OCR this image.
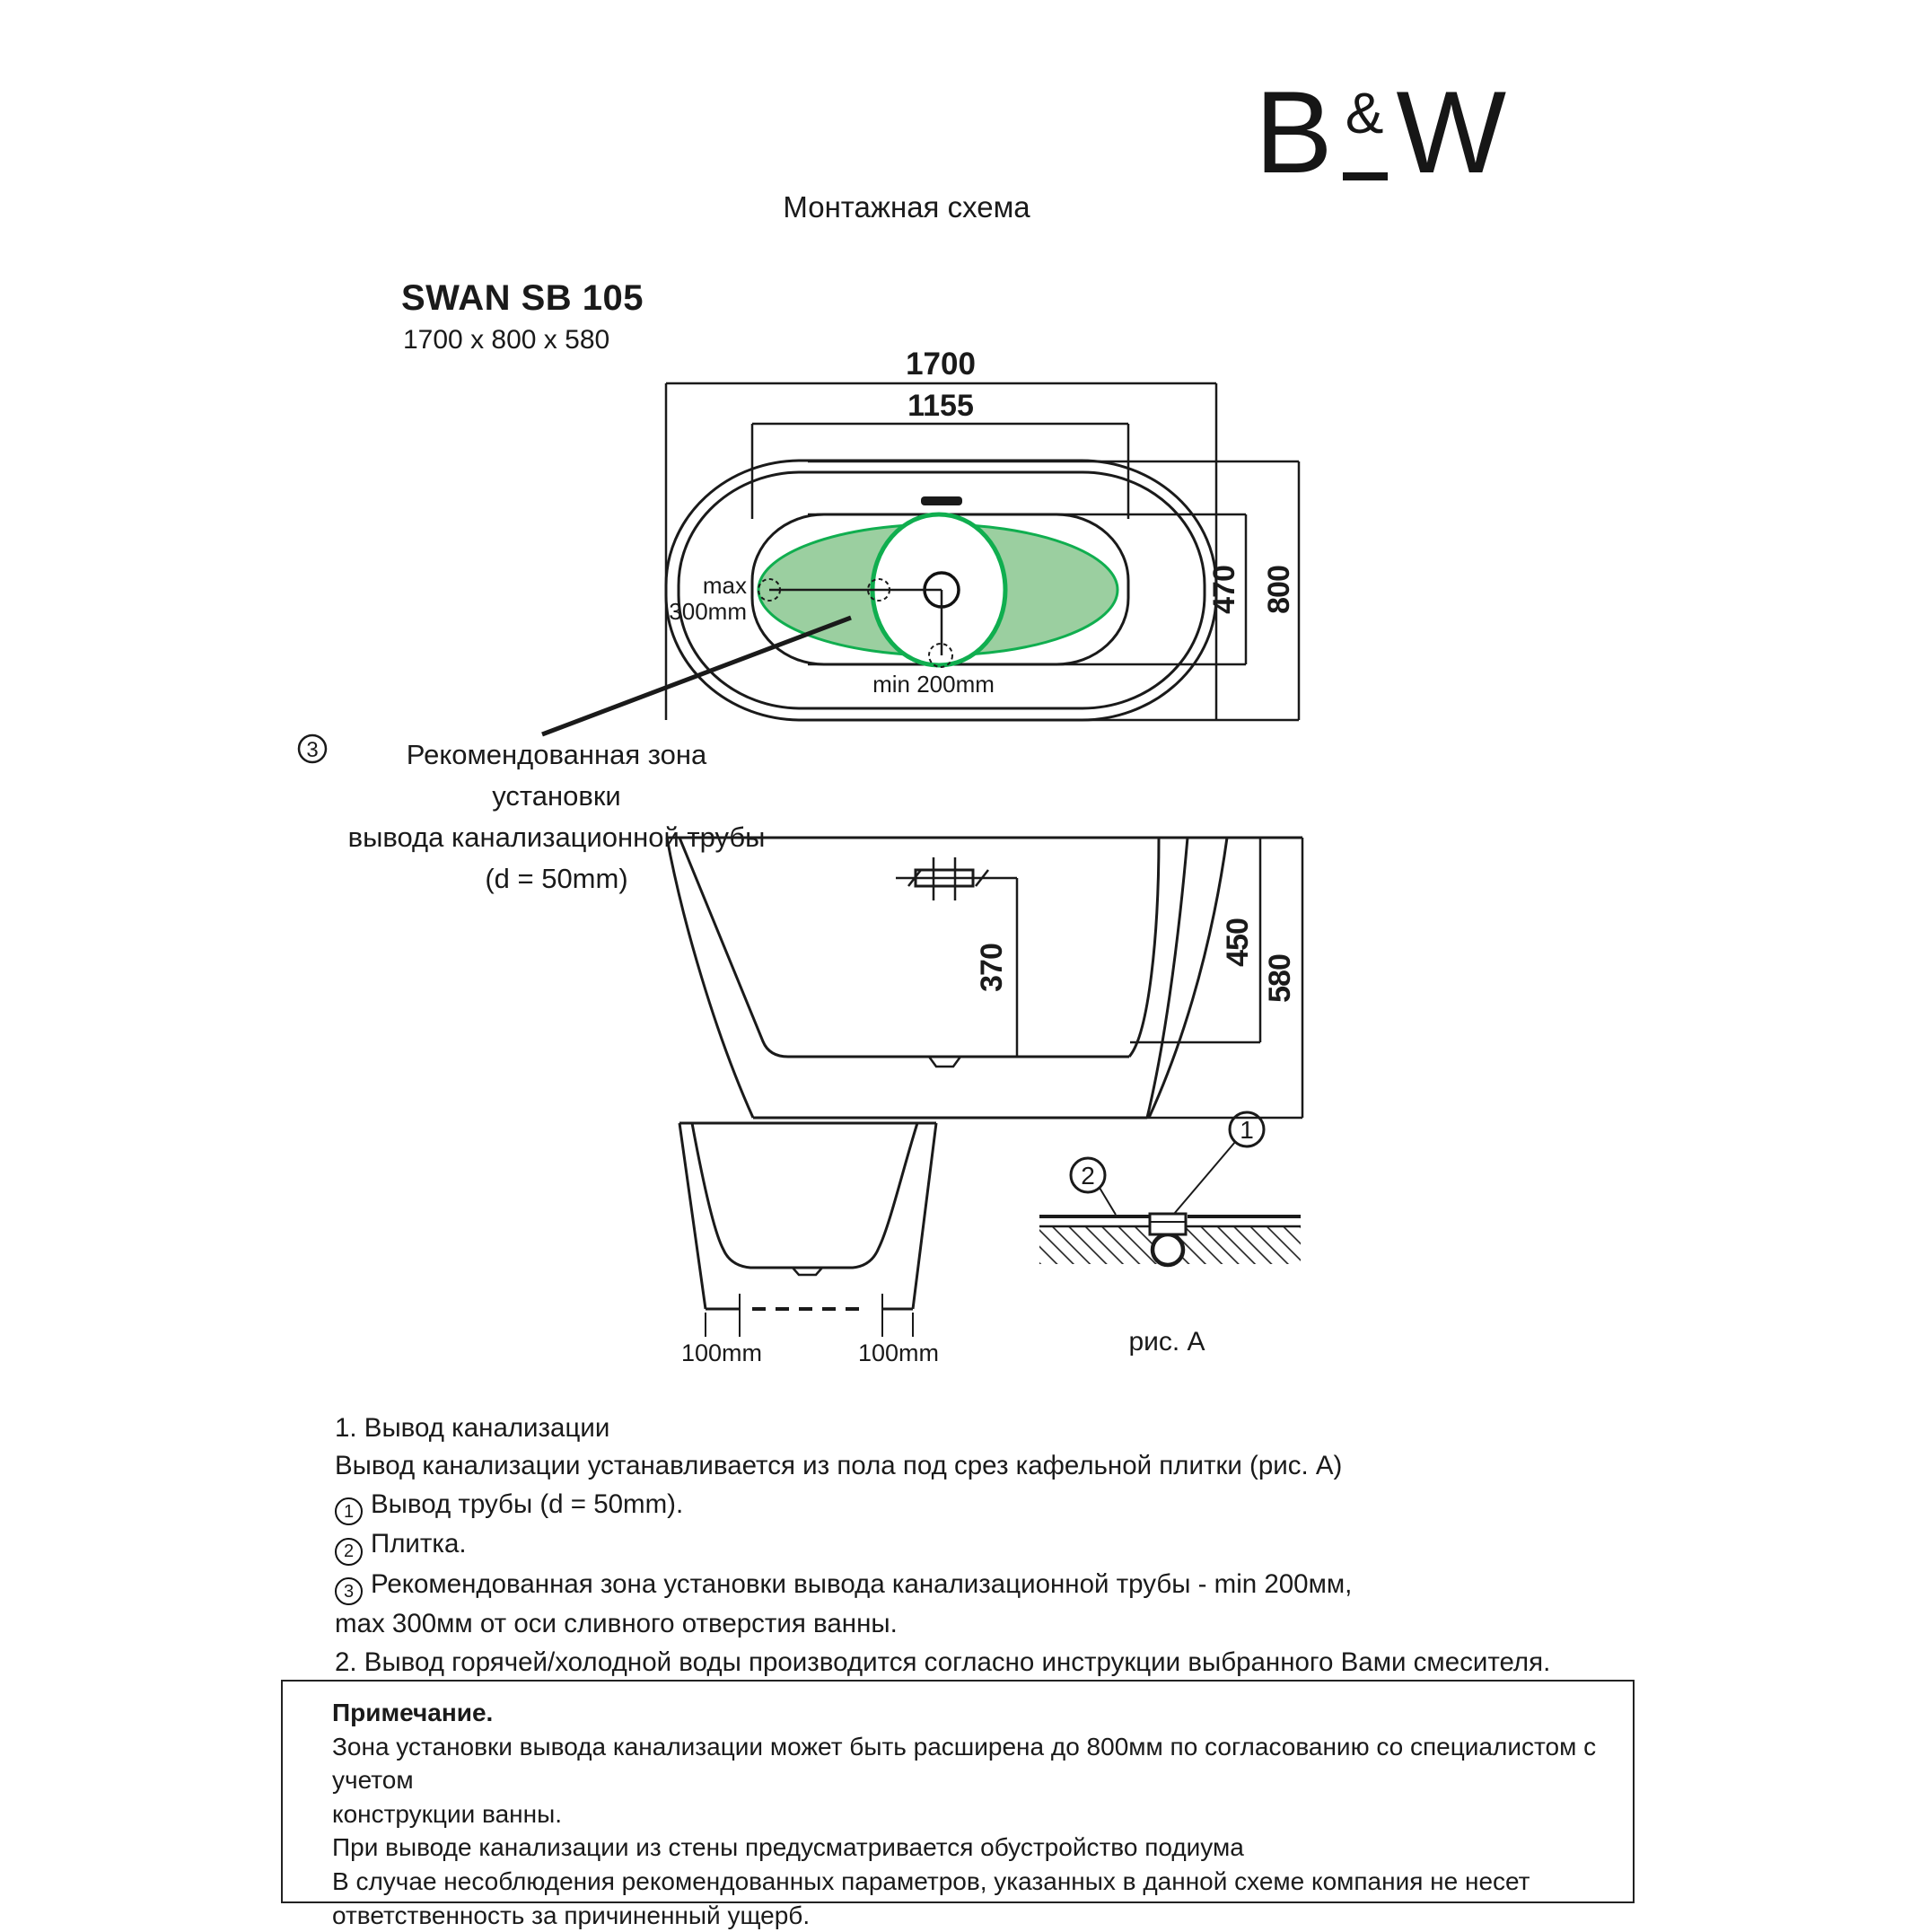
B & W
Монтажная схема
SWAN SB 105
1700 x 800 x 580
1700
1155
470 800
max
300mm
min 200mm
3
370
450
580
100mm	100mm
2
1
рис. A
Рекомендованная зона установки
вывода канализационной трубы
(d = 50mm)
1. Вывод канализации
Вывод канализации устанавливается из пола под срез кафельной плитки (рис. А)
1 Вывод трубы (d = 50mm).
2 Плитка.
3 Рекомендованная зона установки вывода канализационной трубы - min 200мм,
max 300мм от оси сливного отверстия ванны.
2. Вывод горячей/холодной воды производится согласно инструкции выбранного Вами смесителя.
Примечание.
Зона установки вывода канализации может быть расширена до 800мм по согласованию со специалистом с учетом
конструкции ванны.
При выводе канализации из стены предусматривается обустройство подиума
В случае несоблюдения рекомендованных параметров, указанных в данной схеме компания не несет
ответственность за причиненный ущерб.
